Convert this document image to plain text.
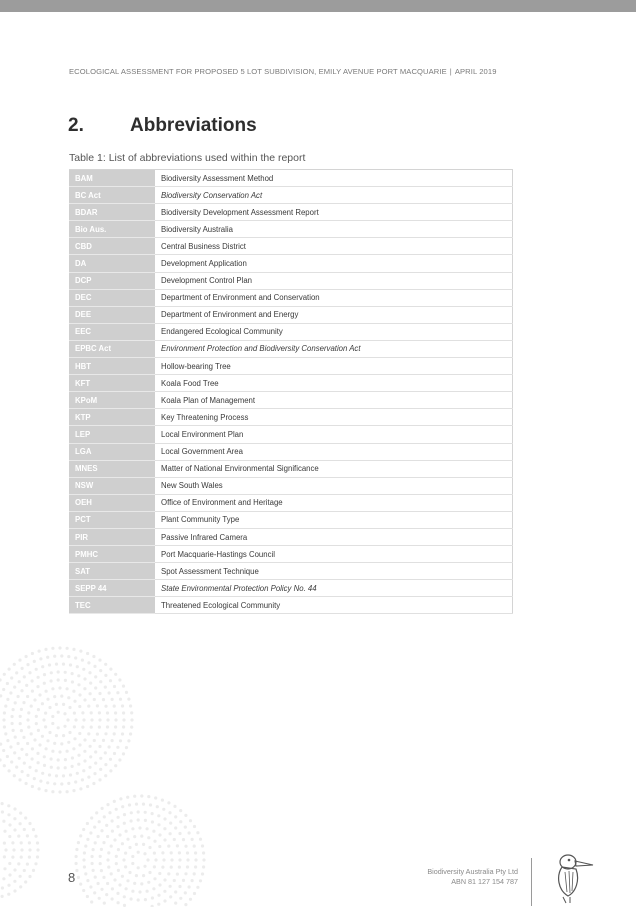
ECOLOGICAL ASSESSMENT FOR PROPOSED 5 LOT SUBDIVISION, EMILY AVENUE PORT MACQUARIE | APRIL 2019
2. Abbreviations
Table 1: List of abbreviations used within the report
BAM	Biodiversity Assessment Method
BC Act	Biodiversity Conservation Act
BDAR	Biodiversity Development Assessment Report
Bio Aus.	Biodiversity Australia
CBD	Central Business District
DA	Development Application
DCP	Development Control Plan
DEC	Department of Environment and Conservation
DEE	Department of Environment and Energy
EEC	Endangered Ecological Community
EPBC Act	Environment Protection and Biodiversity Conservation Act
HBT	Hollow-bearing Tree
KFT	Koala Food Tree
KPoM	Koala Plan of Management
KTP	Key Threatening Process
LEP	Local Environment Plan
LGA	Local Government Area
MNES	Matter of National Environmental Significance
NSW	New South Wales
OEH	Office of Environment and Heritage
PCT	Plant Community Type
PIR	Passive Infrared Camera
PMHC	Port Macquarie-Hastings Council
SAT	Spot Assessment Technique
SEPP 44	State Environmental Protection Policy No. 44
TEC	Threatened Ecological Community
8	Biodiversity Australia Pty Ltd
ABN 81 127 154 787
